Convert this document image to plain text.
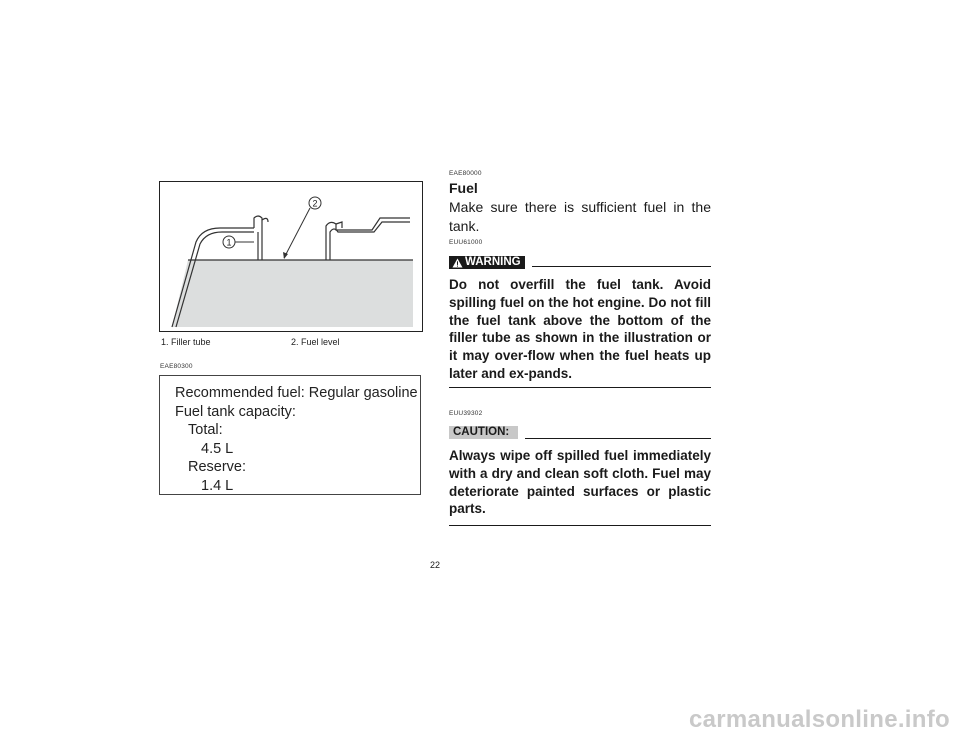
1
2
1. Filler tube	2. Fuel level
EAE80300
Recommended fuel: Regular gasoline
Fuel tank capacity:
Total:
4.5 L
Reserve:
1.4 L
EAE80000
Fuel
Make sure there is sufficient fuel in the tank.
EUU61000
WARNING
Do not overfill the fuel tank. Avoid spilling fuel on the hot engine. Do not fill the fuel tank above the bottom of the filler tube as shown in the illustration or it may over-flow when the fuel heats up later and ex-pands.
EUU39302
CAUTION:
Always wipe off spilled fuel immediately with a dry and clean soft cloth. Fuel may deteriorate painted surfaces or plastic parts.
22
carmanualsonline.info
